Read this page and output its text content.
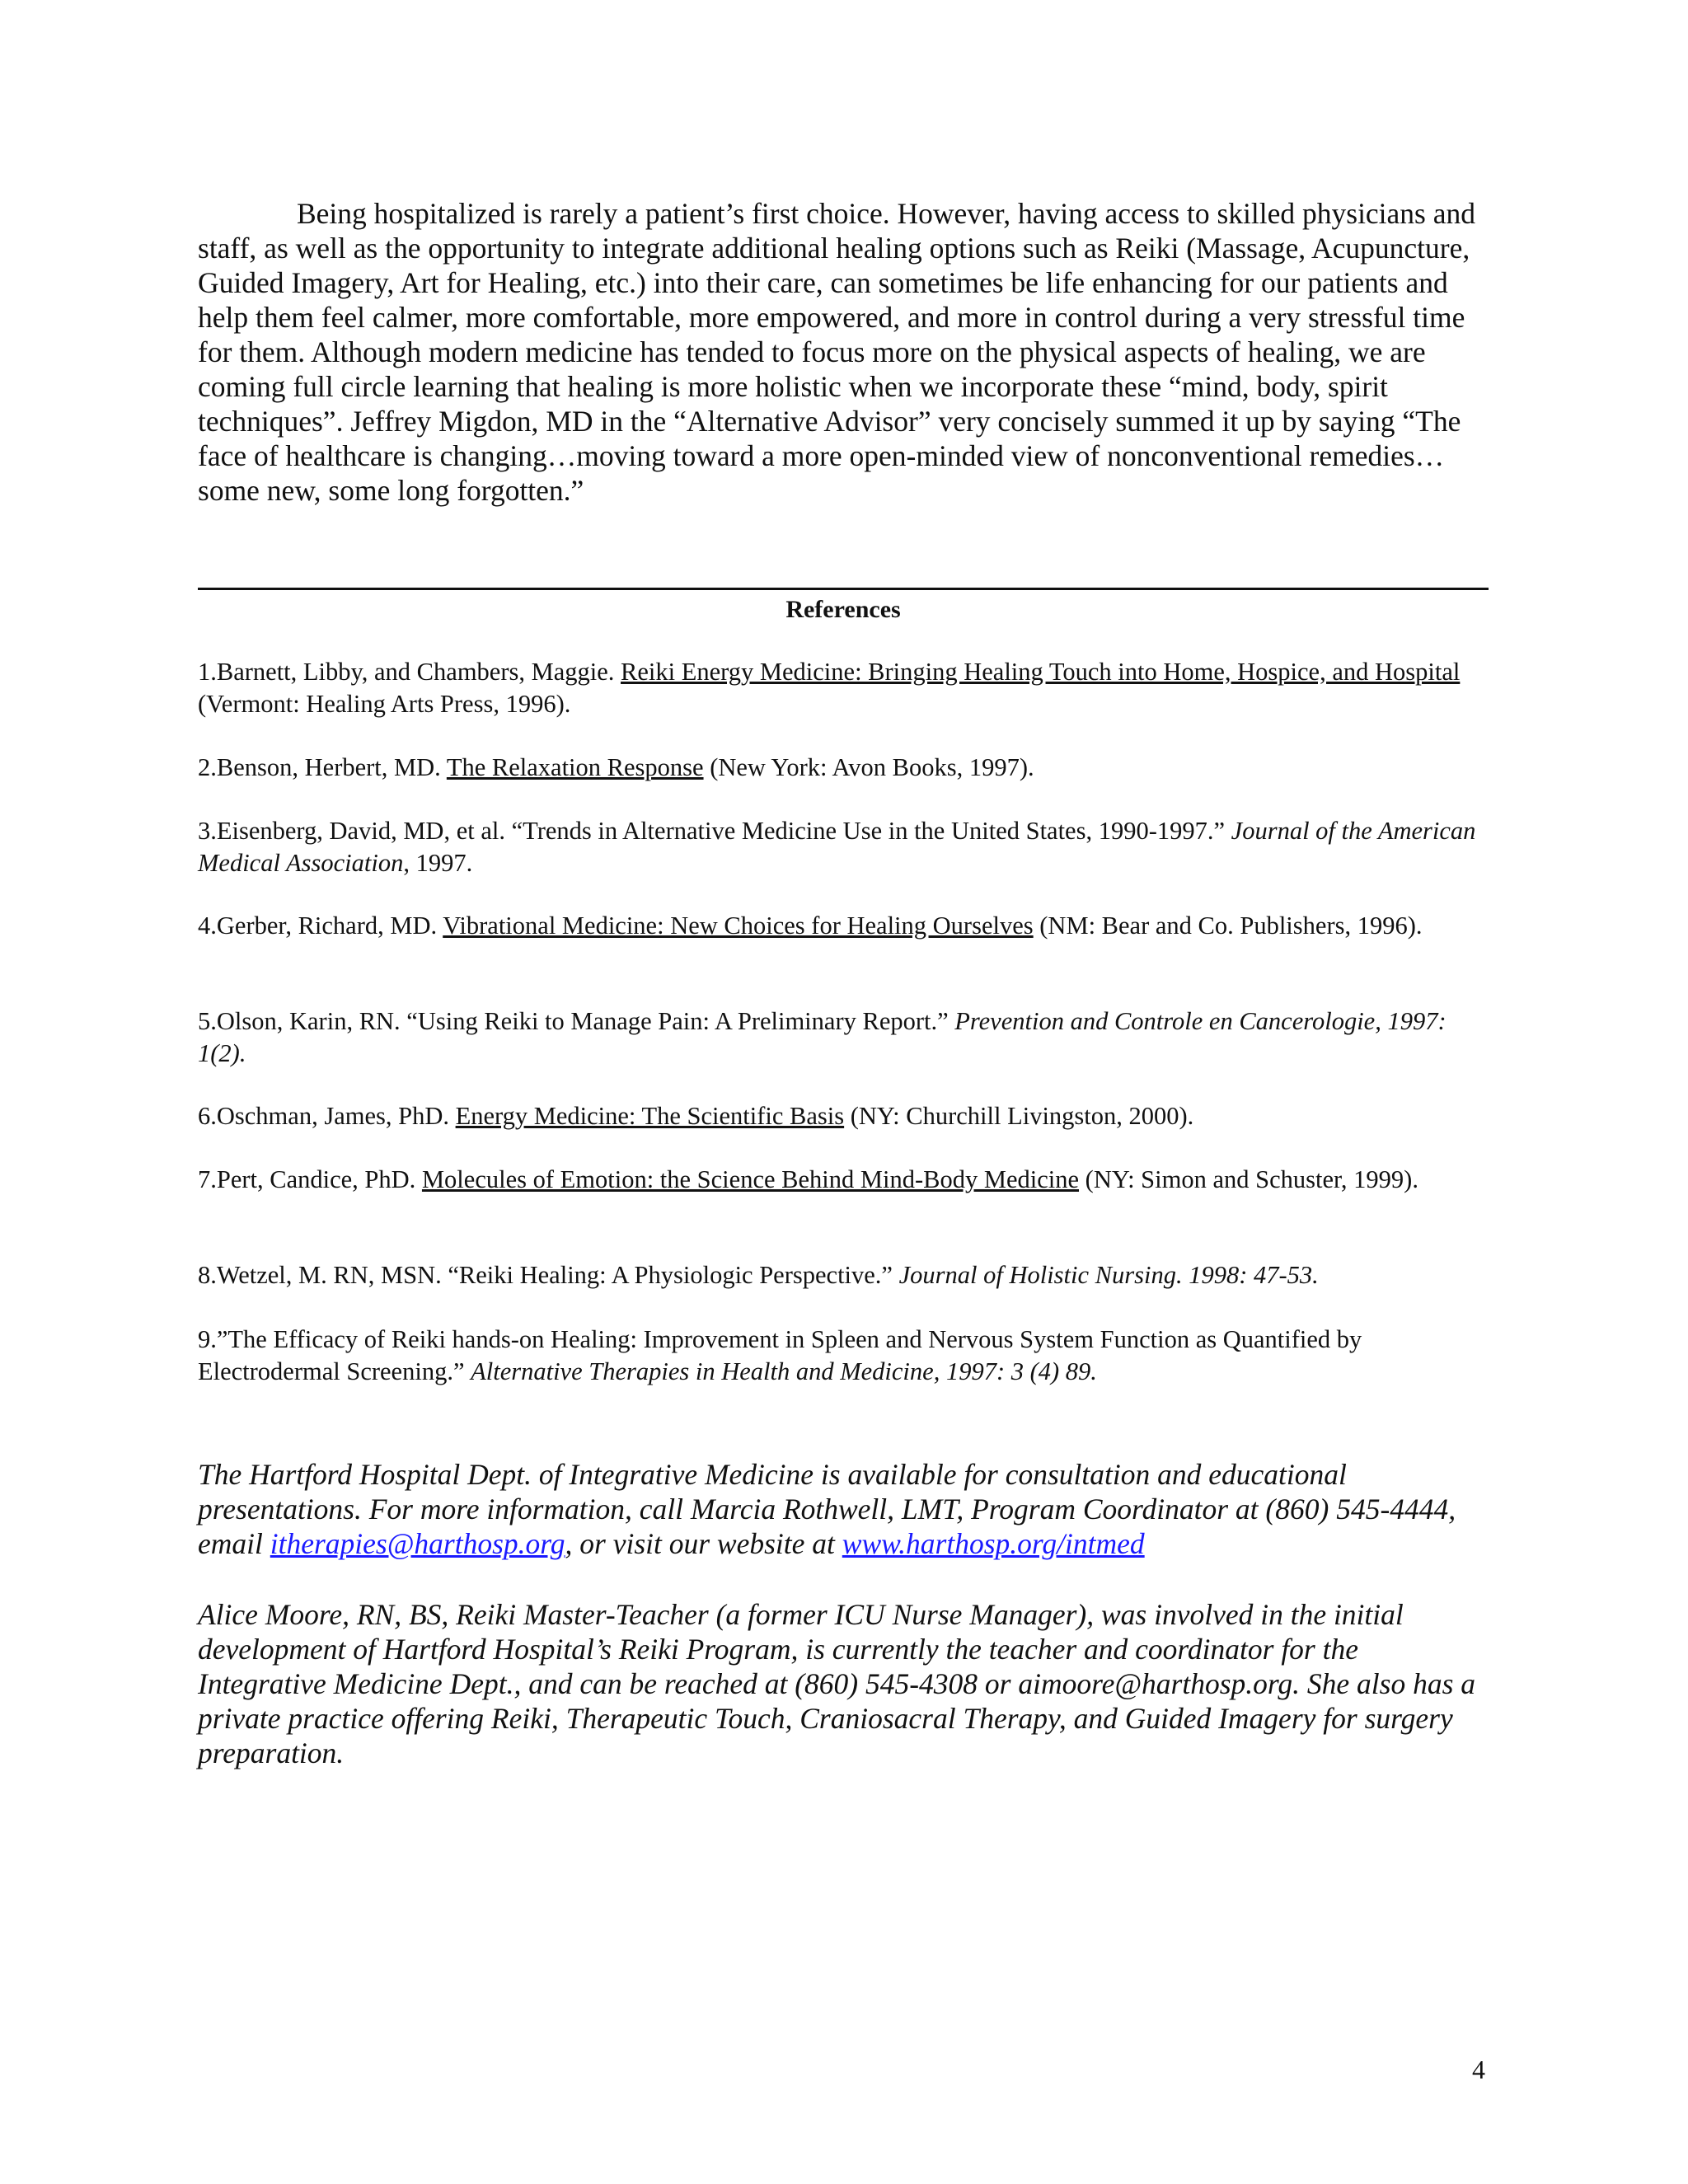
Being hospitalized is rarely a patient’s first choice. However, having access to skilled physicians and staff, as well as the opportunity to integrate additional healing options such as Reiki (Massage, Acupuncture, Guided Imagery, Art for Healing, etc.) into their care, can sometimes be life enhancing for our patients and help them feel calmer, more comfortable, more empowered, and more in control during a very stressful time for them. Although modern medicine has tended to focus more on the physical aspects of healing, we are coming full circle learning that healing is more holistic when we incorporate these “mind, body, spirit techniques”. Jeffrey Migdon, MD in the “Alternative Advisor” very concisely summed it up by saying “The face of healthcare is changing…moving toward a more open-minded view of nonconventional remedies…some new, some long forgotten.”

References

1.Barnett, Libby, and Chambers, Maggie. Reiki Energy Medicine: Bringing Healing Touch into Home, Hospice, and Hospital (Vermont: Healing Arts Press, 1996).

2.Benson, Herbert, MD. The Relaxation Response (New York: Avon Books, 1997).

3.Eisenberg, David, MD, et al. “Trends in Alternative Medicine Use in the United States, 1990-1997.” Journal of the American Medical Association, 1997.

4.Gerber, Richard, MD. Vibrational Medicine: New Choices for Healing Ourselves (NM: Bear and Co. Publishers, 1996).

5.Olson, Karin, RN. “Using Reiki to Manage Pain: A Preliminary Report.” Prevention and Controle en Cancerologie, 1997: 1(2).

6.Oschman, James, PhD. Energy Medicine: The Scientific Basis (NY: Churchill Livingston, 2000).

7.Pert, Candice, PhD. Molecules of Emotion: the Science Behind Mind-Body Medicine (NY: Simon and Schuster, 1999).

8.Wetzel, M. RN, MSN. “Reiki Healing: A Physiologic Perspective.” Journal of Holistic Nursing. 1998: 47-53.

9.”The Efficacy of Reiki hands-on Healing: Improvement in Spleen and Nervous System Function as Quantified by Electrodermal Screening.” Alternative Therapies in Health and Medicine, 1997: 3 (4) 89.

The Hartford Hospital Dept. of Integrative Medicine is available for consultation and educational presentations. For more information, call Marcia Rothwell, LMT, Program Coordinator at (860) 545-4444, email itherapies@harthosp.org, or visit our website at www.harthosp.org/intmed

Alice Moore, RN, BS, Reiki Master-Teacher (a former ICU Nurse Manager), was involved in the initial development of Hartford Hospital’s Reiki Program, is currently the teacher and coordinator for the Integrative Medicine Dept., and can be reached at (860) 545-4308 or aimoore@harthosp.org. She also has a private practice offering Reiki, Therapeutic Touch, Craniosacral Therapy, and Guided Imagery for surgery preparation.

4
